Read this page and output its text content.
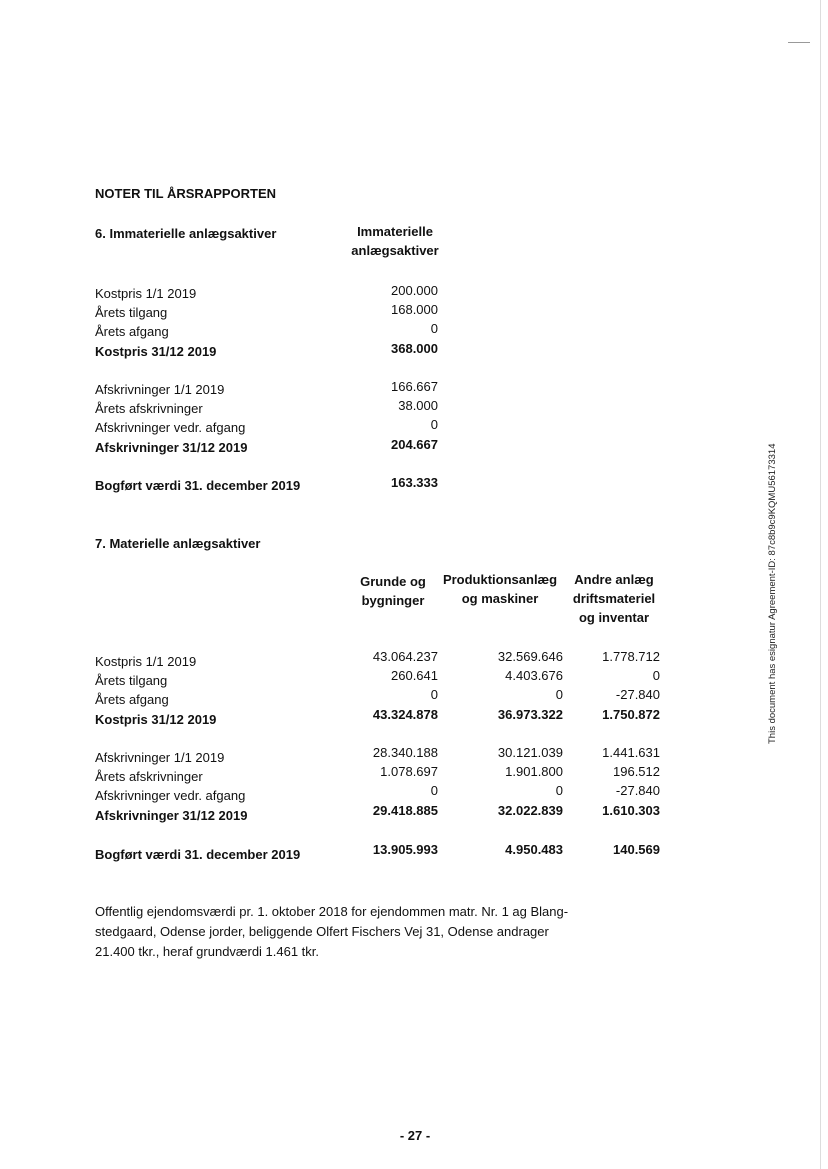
NOTER TIL ÅRSRAPPORTEN
6. Immaterielle anlægsaktiver	Immaterielle
anlægsaktiver
Kostpris 1/1 2019	200.000
Årets tilgang	168.000
Årets afgang	0
Kostpris 31/12 2019	368.000
Afskrivninger 1/1 2019	166.667
Årets afskrivninger	38.000
Afskrivninger vedr. afgang	0
Afskrivninger 31/12 2019	204.667
Bogført værdi 31. december 2019	163.333
7. Materielle anlægsaktiver
Grunde og
bygninger
Produktionsanlæg
og maskiner
Andre anlæg
driftsmateriel
og inventar
Kostpris 1/1 2019	43.064.237	32.569.646	1.778.712
Årets tilgang	260.641	4.403.676	0
Årets afgang	0	0	-27.840
Kostpris 31/12 2019	43.324.878	36.973.322	1.750.872
Afskrivninger 1/1 2019	28.340.188	30.121.039	1.441.631
Årets afskrivninger	1.078.697	1.901.800	196.512
Afskrivninger vedr. afgang	0	0	-27.840
Afskrivninger 31/12 2019	29.418.885	32.022.839	1.610.303
Bogført værdi 31. december 2019	13.905.993	4.950.483	140.569
Offentlig ejendomsværdi pr. 1. oktober 2018 for ejendommen matr. Nr. 1 ag Blang-
stedgaard, Odense jorder, beliggende Olfert Fischers Vej 31, Odense andrager
21.400 tkr., heraf grundværdi 1.461 tkr.
- 27 -
This document has esignatur Agreement-ID: 87c8b9c9KQMU56173314
